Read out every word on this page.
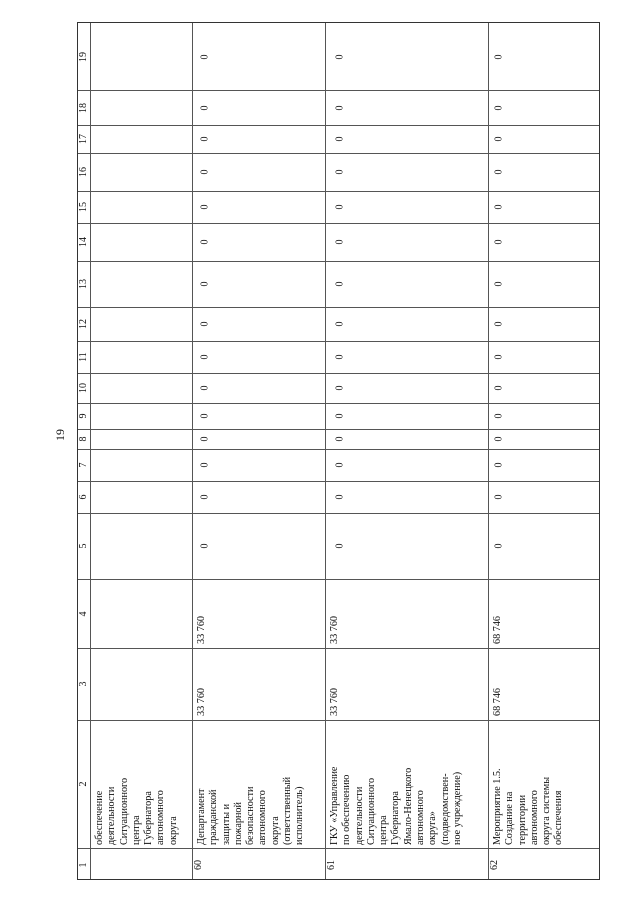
19
19
18
17
16
15
14
13
12
11
10
9
8
7
6
5
4
3
2
1
обеспечение деятельности Ситуационного центра Губернатора автономного округа
60
Департамент гражданской защиты и пожарной безопасности автономного округа (ответственный исполнитель)
33 760
33 760
0
0
0
0
0
0
0
0
0
0
0
0
0
0
0
61
ГКУ «Управление по обеспечению деятельности Ситуационного центра Губернатора Ямало-Ненецкого автономного округа» (подведомствен- ное учреждение)
33 760
33 760
0
0
0
0
0
0
0
0
0
0
0
0
0
0
0
62
Мероприятие 1.5. Создание на территории автономного округа системы обеспечения
68 746
68 746
0
0
0
0
0
0
0
0
0
0
0
0
0
0
0
